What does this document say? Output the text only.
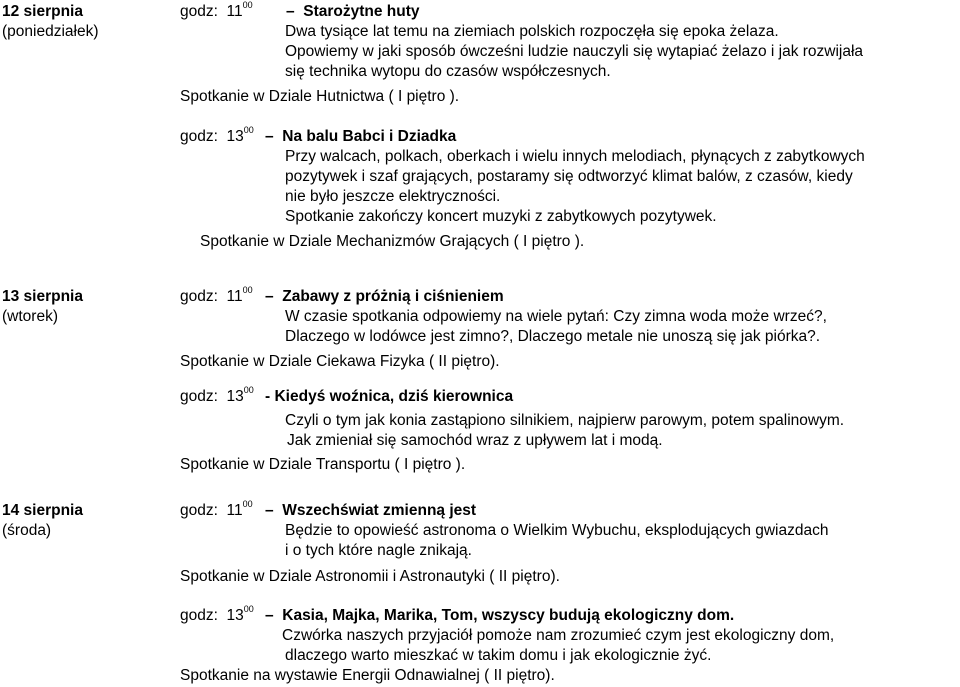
12 sierpnia
(poniedziałek)
godz: $11^{00}$ – Starożytne huty
Dwa tysiące lat temu na ziemiach polskich rozpoczęła się epoka żelaza.
Opowiemy w jaki sposób ówcześni ludzie nauczyli się wytapiać żelazo i jak rozwijała
się technika wytopu do czasów współczesnych.
Spotkanie w Dziale Hutnictwa ( I piętro ).
godz: $13^{00}$ – Na balu Babci i Dziadka
Przy walcach, polkach, oberkach i wielu innych melodiach, płynących z zabytkowych
pozytywek i szaf grających, postaramy się odtworzyć klimat balów, z czasów, kiedy
nie było jeszcze elektryczności.
Spotkanie zakończy koncert muzyki z zabytkowych pozytywek.
Spotkanie w Dziale Mechanizmów Grających ( I piętro ).
13 sierpnia
(wtorek)
godz: $11^{00}$ – Zabawy z próżnią i ciśnieniem
W czasie spotkania odpowiemy na wiele pytań: Czy zimna woda może wrzeć?,
Dlaczego w lodówce jest zimno?, Dlaczego metale nie unoszą się jak piórka?.
Spotkanie w Dziale Ciekawa Fizyka ( II piętro).
godz: $13^{00}$ - Kiedyś woźnica, dziś kierownica
Czyli o tym jak konia zastąpiono silnikiem, najpierw parowym, potem spalinowym.
Jak zmieniał się samochód wraz z upływem lat i modą.
Spotkanie w Dziale Transportu ( I piętro ).
14 sierpnia
(środa)
godz: $11^{00}$ – Wszechświat zmienną jest
Będzie to opowieść astronoma o Wielkim Wybuchu, eksplodujących gwiazdach
i o tych które nagle znikają.
Spotkanie w Dziale Astronomii i Astronautyki ( II piętro).
godz: $13^{00}$ – Kasia, Majka, Marika, Tom, wszyscy budują ekologiczny dom.
Czwórka naszych przyjaciół pomoże nam zrozumieć czym jest ekologiczny dom,
dlaczego warto mieszkać w takim domu i jak ekologicznie żyć.
Spotkanie na wystawie Energii Odnawialnej ( II piętro).
